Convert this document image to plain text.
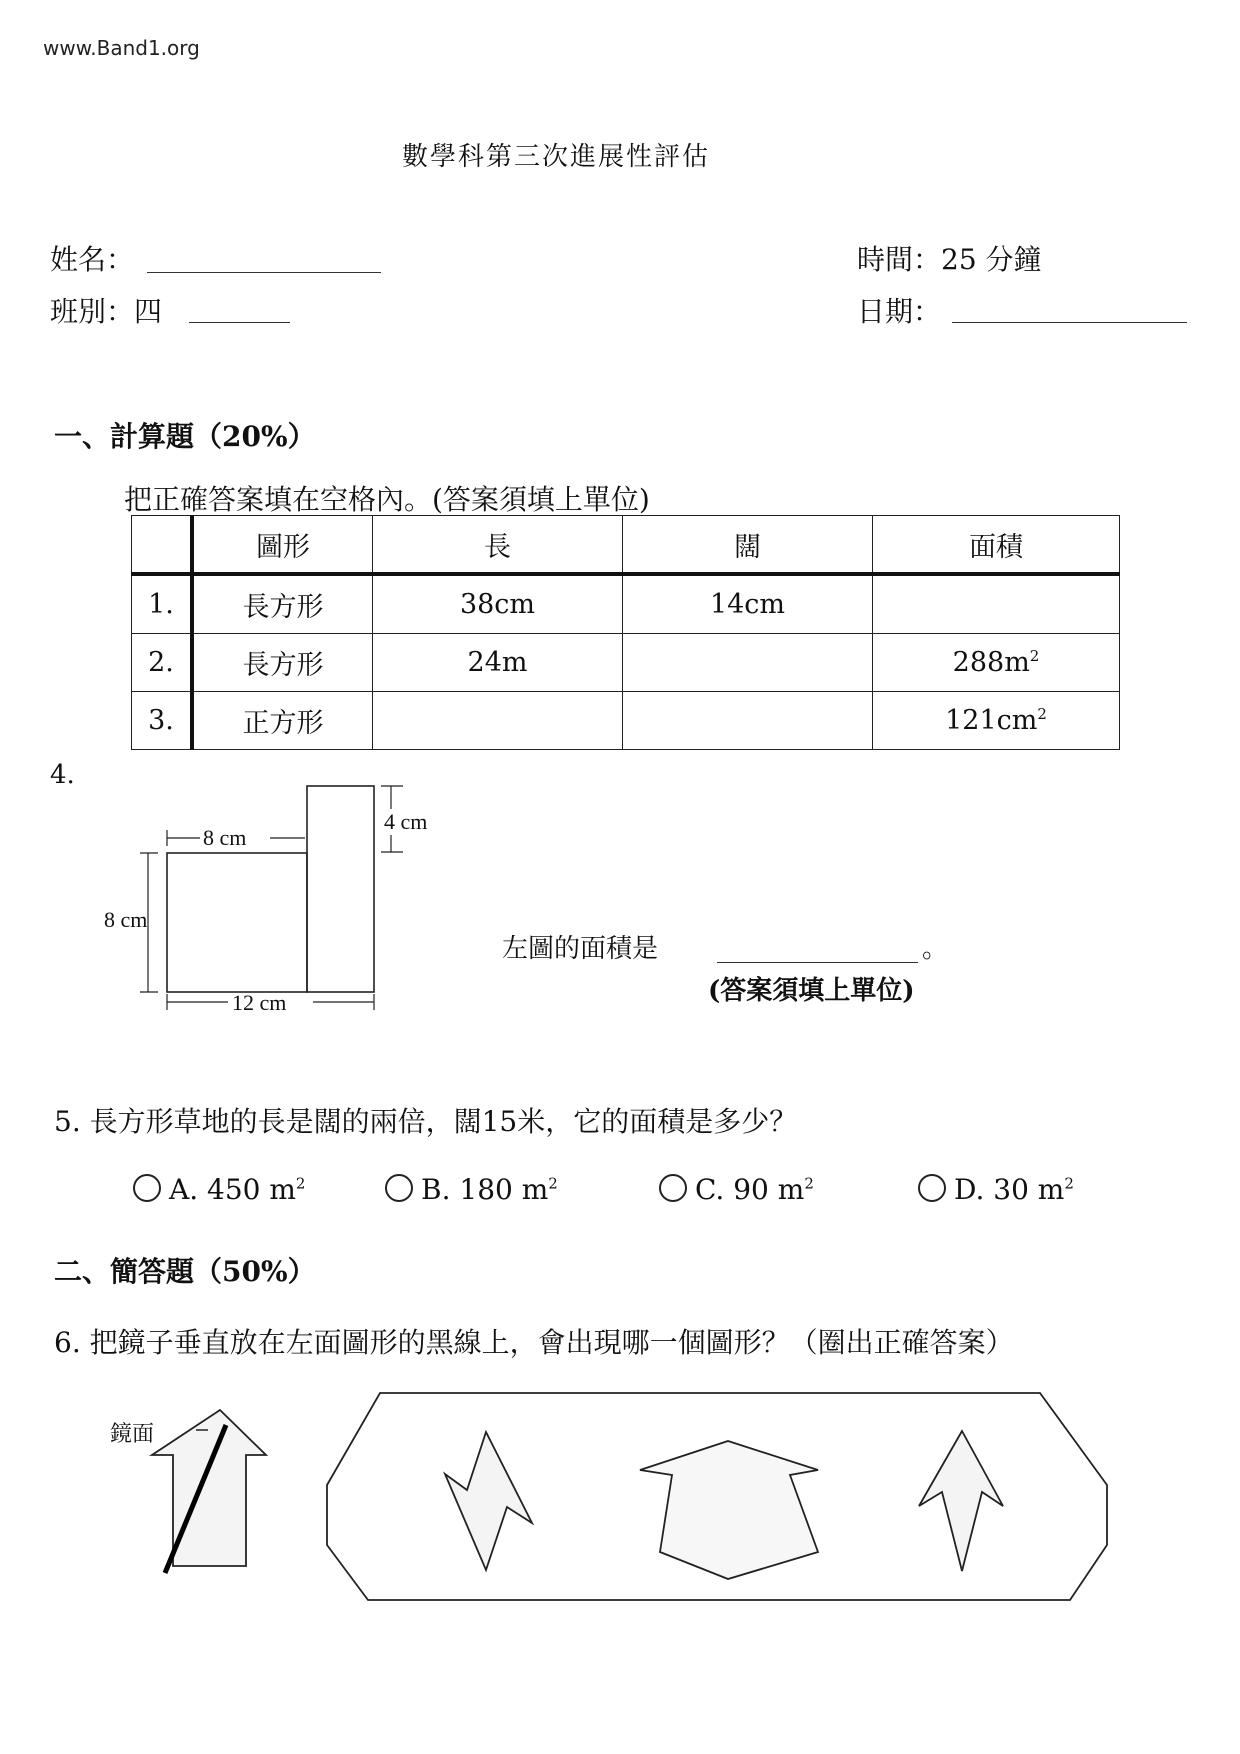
www.Band1.org
數學科第三次進展性評估
姓名：
班別：四
時間：25 分鐘
日期：
一、計算題（20%）
把正確答案填在空格內。(答案須填上單位)
	圖形	長	闊	面積
1.	長方形	38cm	14cm	
2.	長方形	24m		$288m^2$
3.	正方形			$121cm^2$
4.
8 cm
4 cm
8 cm
12 cm
左圖的面積是	。
(答案須填上單位)
5. 長方形草地的長是闊的兩倍，闊15米，它的面積是多少？
A. 450 $m^2$	B. 180 $m^2$	C. 90 $m^2$	D. 30 $m^2$
二、簡答題（50%）
6. 把鏡子垂直放在左面圖形的黑線上，會出現哪一個圖形？（圈出正確答案）
鏡面
